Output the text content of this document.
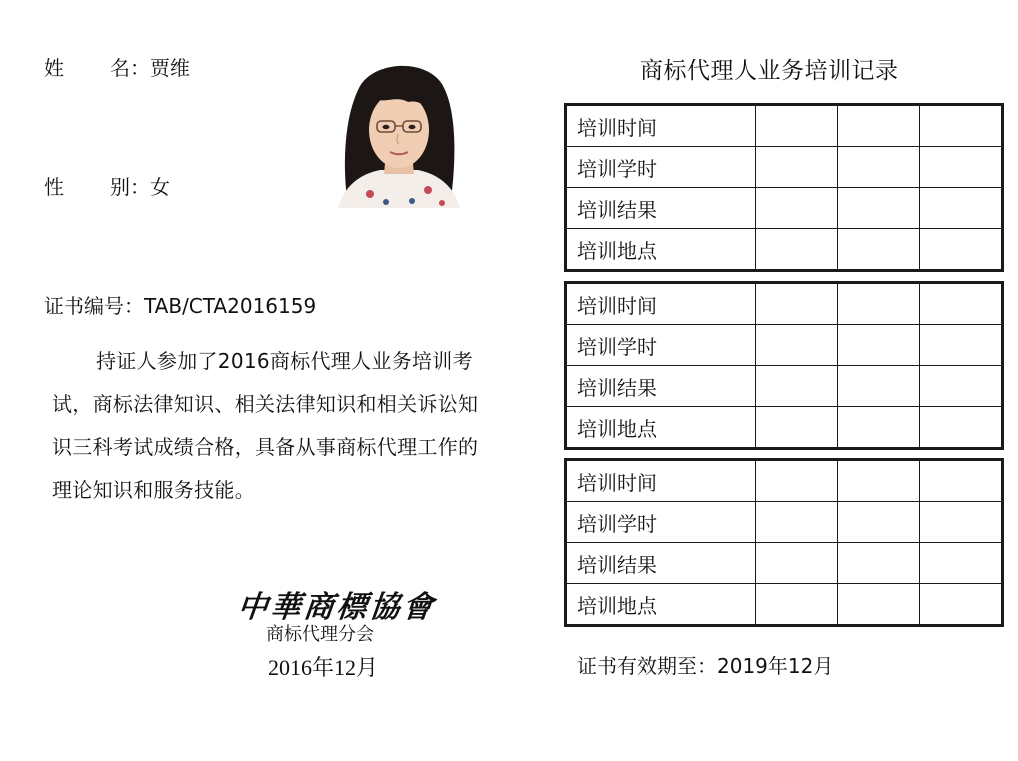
姓 名：贾维
性 别：女
证书编号：TAB/CTA2016159
持证人参加了2016商标代理人业务培训考试，商标法律知识、相关法律知识和相关诉讼知识三科考试成绩合格，具备从事商标代理工作的理论知识和服务技能。
中華商標協會
商标代理分会
2016年12月
商标代理人业务培训记录
培训时间			
培训学时			
培训结果			
培训地点			
培训时间			
培训学时			
培训结果			
培训地点			
培训时间			
培训学时			
培训结果			
培训地点			
证书有效期至：2019年12月
